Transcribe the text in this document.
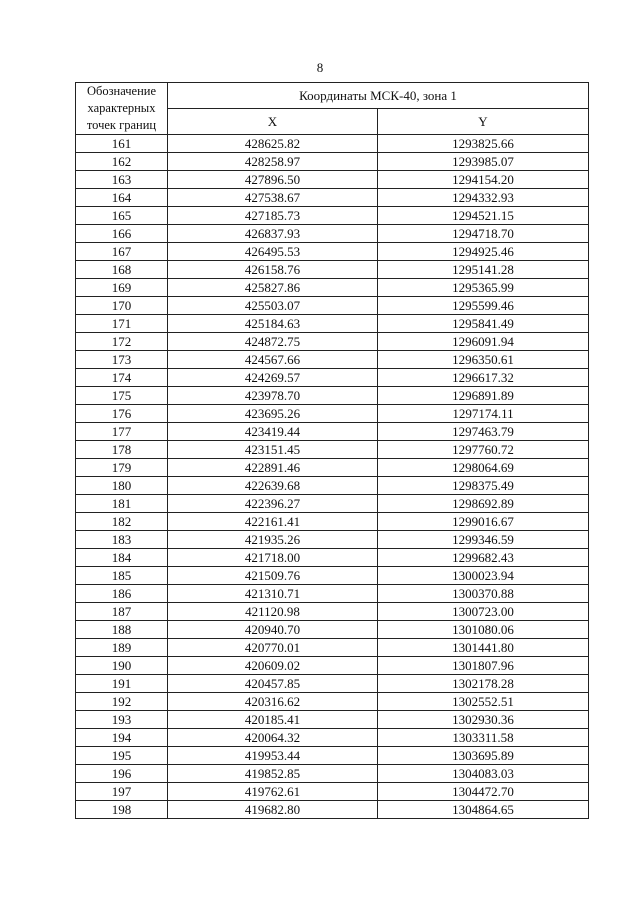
8
Обозначение
характерных
точек границ	Координаты МСК-40, зона 1	
	X	Y
161	428625.82	1293825.66
162	428258.97	1293985.07
163	427896.50	1294154.20
164	427538.67	1294332.93
165	427185.73	1294521.15
166	426837.93	1294718.70
167	426495.53	1294925.46
168	426158.76	1295141.28
169	425827.86	1295365.99
170	425503.07	1295599.46
171	425184.63	1295841.49
172	424872.75	1296091.94
173	424567.66	1296350.61
174	424269.57	1296617.32
175	423978.70	1296891.89
176	423695.26	1297174.11
177	423419.44	1297463.79
178	423151.45	1297760.72
179	422891.46	1298064.69
180	422639.68	1298375.49
181	422396.27	1298692.89
182	422161.41	1299016.67
183	421935.26	1299346.59
184	421718.00	1299682.43
185	421509.76	1300023.94
186	421310.71	1300370.88
187	421120.98	1300723.00
188	420940.70	1301080.06
189	420770.01	1301441.80
190	420609.02	1301807.96
191	420457.85	1302178.28
192	420316.62	1302552.51
193	420185.41	1302930.36
194	420064.32	1303311.58
195	419953.44	1303695.89
196	419852.85	1304083.03
197	419762.61	1304472.70
198	419682.80	1304864.65
